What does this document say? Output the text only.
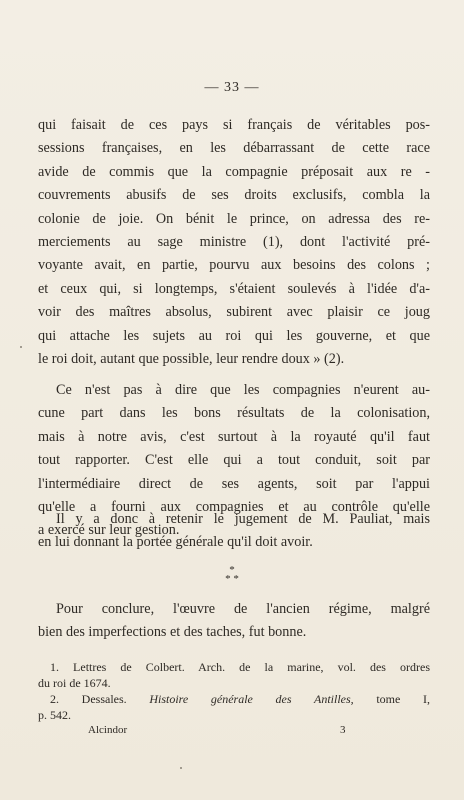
— 33 —
qui faisait de ces pays si français de véritables pos-
sessions françaises, en les débarrassant de cette race
avide de commis que la compagnie préposait aux re -
couvrements abusifs de ses droits exclusifs, combla la
colonie de joie. On bénit le prince, on adressa des re-
merciements au sage ministre (1), dont l'activité pré-
voyante avait, en partie, pourvu aux besoins des colons ;
et ceux qui, si longtemps, s'étaient soulevés à l'idée d'a-
voir des maîtres absolus, subirent avec plaisir ce joug
qui attache les sujets au roi qui les gouverne, et que
le roi doit, autant que possible, leur rendre doux » (2).
Ce n'est pas à dire que les compagnies n'eurent au-
cune part dans les bons résultats de la colonisation,
mais à notre avis, c'est surtout à la royauté qu'il faut
tout rapporter. C'est elle qui a tout conduit, soit par
l'intermédiaire direct de ses agents, soit par l'appui
qu'elle a fourni aux compagnies et au contrôle qu'elle
a exercé sur leur gestion.
Il y a donc à retenir le jugement de M. Pauliat, mais
en lui donnant la portée générale qu'il doit avoir.
*
* *
Pour conclure, l'œuvre de l'ancien régime, malgré
bien des imperfections et des taches, fut bonne.
1. Lettres de Colbert. Arch. de la marine, vol. des ordres
du roi de 1674.
2. Dessales. Histoire générale des Antilles, tome I,
p. 542.
Alcindor	3
